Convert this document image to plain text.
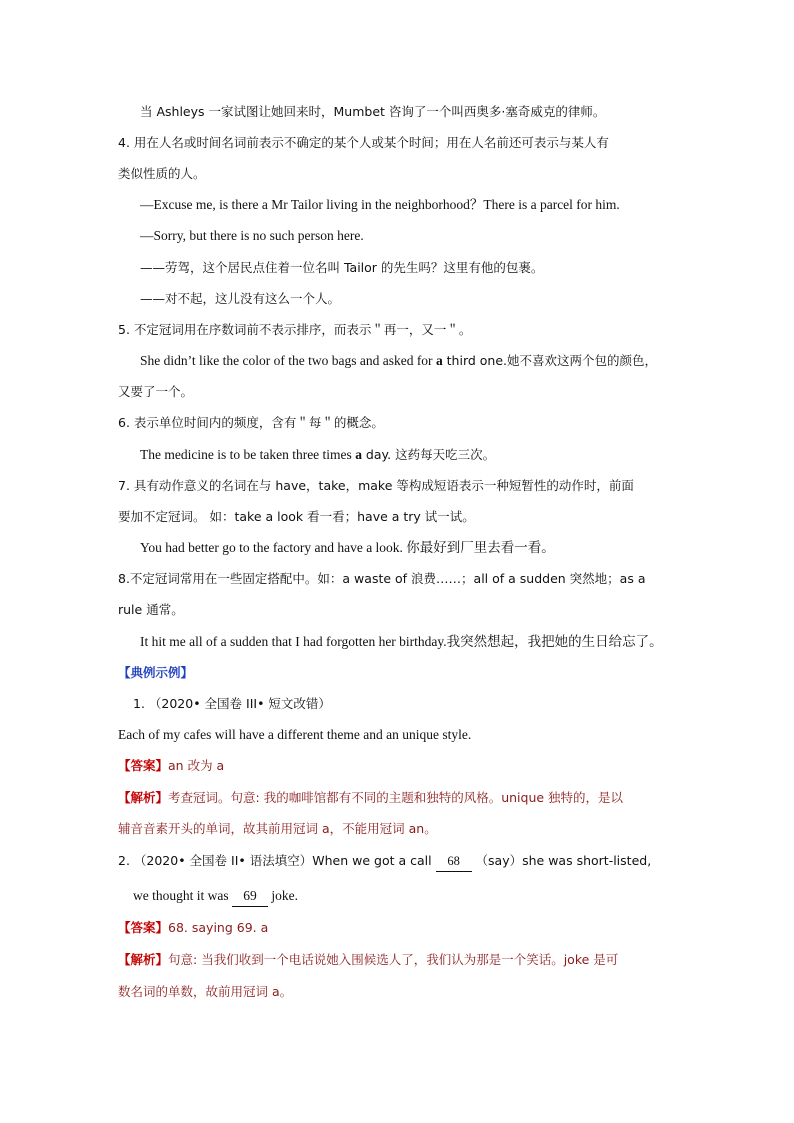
当 Ashleys 一家试图让她回来时，Mumbet 咨询了一个叫西奥多·塞奇威克的律师。
4. 用在人名或时间名词前表示不确定的某个人或某个时间；用在人名前还可表示与某人有
类似性质的人。
—Excuse me, is there a Mr Tailor living in the neighborhood？There is a parcel for him.
—Sorry, but there is no such person here.
——劳驾，这个居民点住着一位名叫 Tailor 的先生吗？这里有他的包裹。
——对不起，这儿没有这么一个人。
5. 不定冠词用在序数词前不表示排序，而表示＂再一，又一＂。
She didn’t like the color of the two bags and asked for a third one.她不喜欢这两个包的颜色，
又要了一个。
6. 表示单位时间内的频度，含有＂每＂的概念。
The medicine is to be taken three times a day. 这药每天吃三次。
7. 具有动作意义的名词在与 have，take，make 等构成短语表示一种短暂性的动作时，前面
要加不定冠词。 如：take a look 看一看；have a try 试一试。
You had better go to the factory and have a look. 你最好到厂里去看一看。
8.不定冠词常用在一些固定搭配中。如：a waste of 浪费……；all of a sudden 突然地；as a
rule 通常。
It hit me all of a sudden that I had forgotten her birthday.我突然想起，我把她的生日给忘了。
【典例示例】
1. （2020• 全国卷 III• 短文改错）
Each of my cafes will have a different theme and an unique style.
【答案】an 改为 a
【解析】考查冠词。句意: 我的咖啡馆都有不同的主题和独特的风格。unique 独特的，是以
辅音音素开头的单词，故其前用冠词 a，不能用冠词 an。
2. （2020• 全国卷 II• 语法填空）When we got a call 68 （say）she was short-listed,
we thought it was 69 joke.
【答案】68. saying 69. a
【解析】句意: 当我们收到一个电话说她入围候选人了，我们认为那是一个笑话。joke 是可
数名词的单数，故前用冠词 a。
